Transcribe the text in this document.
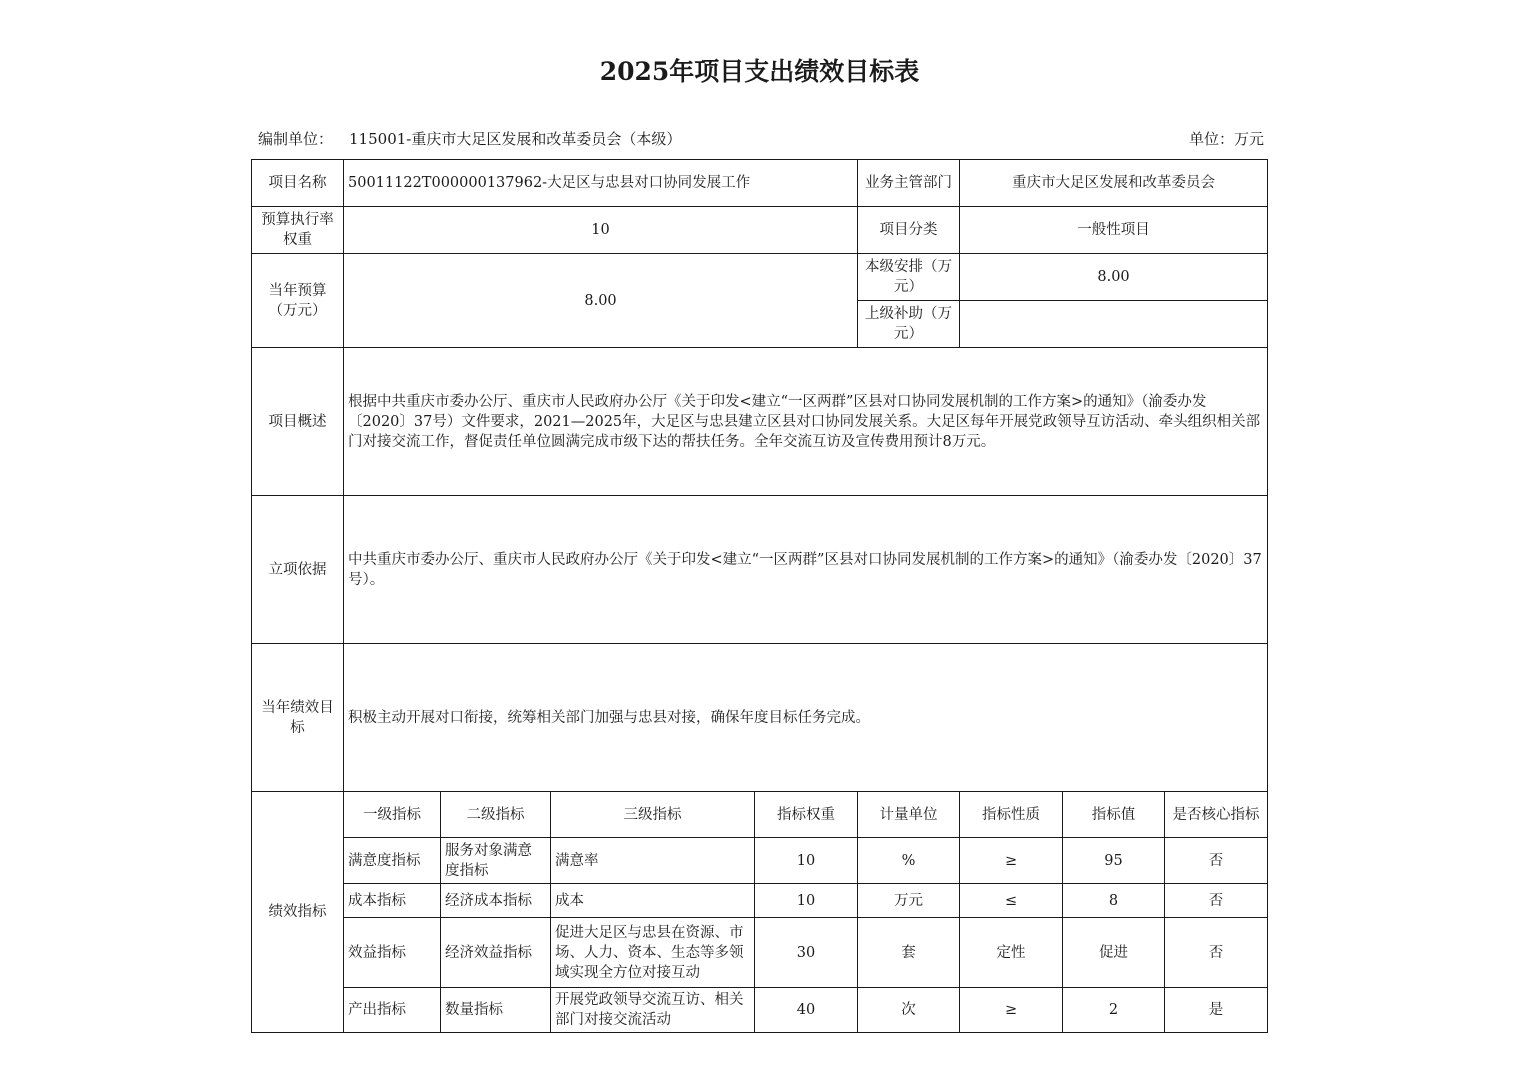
2025年项目支出绩效目标表
编制单位： 115001-重庆市大足区发展和改革委员会（本级）	单位：万元
项目名称	50011122T000000137962-大足区与忠县对口协同发展工作				业务主管部门	重庆市大足区发展和改革委员会		
预算执行率权重	10				项目分类	一般性项目		
当年预算（万元）	8.00				本级安排（万元）	8.00		
					上级补助（万元）			
项目概述	根据中共重庆市委办公厅、重庆市人民政府办公厅《关于印发<建立“一区两群”区县对口协同发展机制的工作方案>的通知》（渝委办发〔2020〕37号）文件要求，2021—2025年，大足区与忠县建立区县对口协同发展关系。大足区每年开展党政领导互访活动、牵头组织相关部门对接交流工作，督促责任单位圆满完成市级下达的帮扶任务。全年交流互访及宣传费用预计8万元。							
立项依据	中共重庆市委办公厅、重庆市人民政府办公厅《关于印发<建立“一区两群”区县对口协同发展机制的工作方案>的通知》（渝委办发〔2020〕37号）。							
当年绩效目标	积极主动开展对口衔接，统筹相关部门加强与忠县对接，确保年度目标任务完成。							
绩效指标	一级指标	二级指标	三级指标	指标权重	计量单位	指标性质	指标值	是否核心指标
	满意度指标	服务对象满意度指标	满意率	10	%	≥	95	否
	成本指标	经济成本指标	成本	10	万元	≤	8	否
	效益指标	经济效益指标	促进大足区与忠县在资源、市场、人力、资本、生态等多领域实现全方位对接互动	30	套	定性	促进	否
	产出指标	数量指标	开展党政领导交流互访、相关部门对接交流活动	40	次	≥	2	是
